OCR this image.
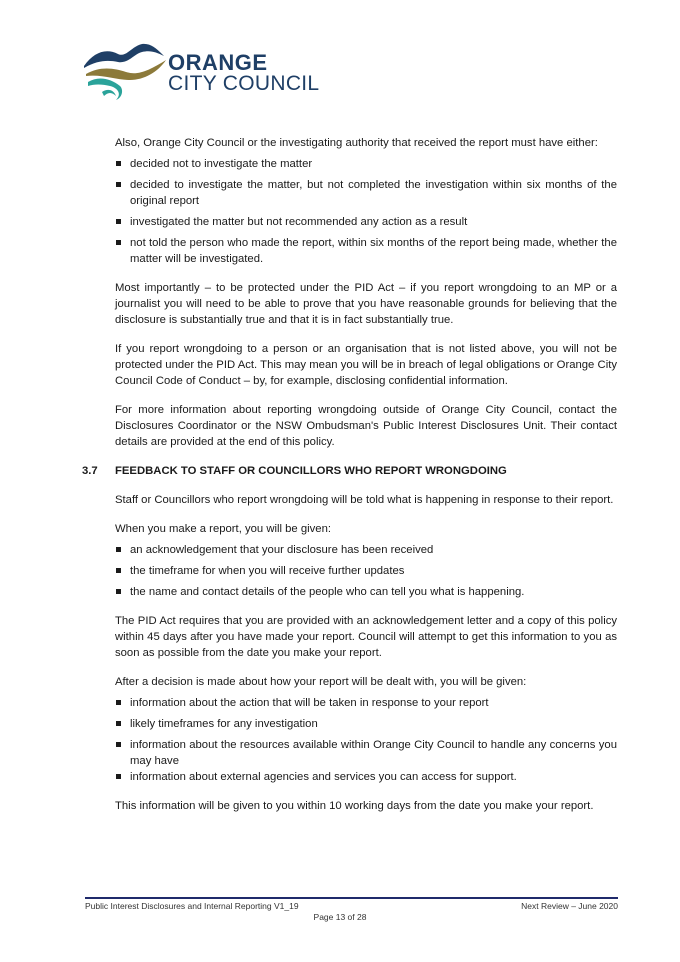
ORANGE
CITY COUNCIL

Also, Orange City Council or the investigating authority that received the report must have either:

decided not to investigate the matter
decided to investigate the matter, but not completed the investigation within six months of the original report
investigated the matter but not recommended any action as a result
not told the person who made the report, within six months of the report being made, whether the matter will be investigated.

Most importantly – to be protected under the PID Act – if you report wrongdoing to an MP or a journalist you will need to be able to prove that you have reasonable grounds for believing that the disclosure is substantially true and that it is in fact substantially true.

If you report wrongdoing to a person or an organisation that is not listed above, you will not be protected under the PID Act. This may mean you will be in breach of legal obligations or Orange City Council Code of Conduct – by, for example, disclosing confidential information.

For more information about reporting wrongdoing outside of Orange City Council, contact the Disclosures Coordinator or the NSW Ombudsman's Public Interest Disclosures Unit. Their contact details are provided at the end of this policy.

3.7 FEEDBACK TO STAFF OR COUNCILLORS WHO REPORT WRONGDOING

Staff or Councillors who report wrongdoing will be told what is happening in response to their report.

When you make a report, you will be given:

an acknowledgement that your disclosure has been received
the timeframe for when you will receive further updates
the name and contact details of the people who can tell you what is happening.

The PID Act requires that you are provided with an acknowledgement letter and a copy of this policy within 45 days after you have made your report. Council will attempt to get this information to you as soon as possible from the date you make your report.

After a decision is made about how your report will be dealt with, you will be given:

information about the action that will be taken in response to your report
likely timeframes for any investigation
information about the resources available within Orange City Council to handle any concerns you may have
information about external agencies and services you can access for support.

This information will be given to you within 10 working days from the date you make your report.

Public Interest Disclosures and Internal Reporting V1_19	Next Review – June 2020
Page 13 of 28
